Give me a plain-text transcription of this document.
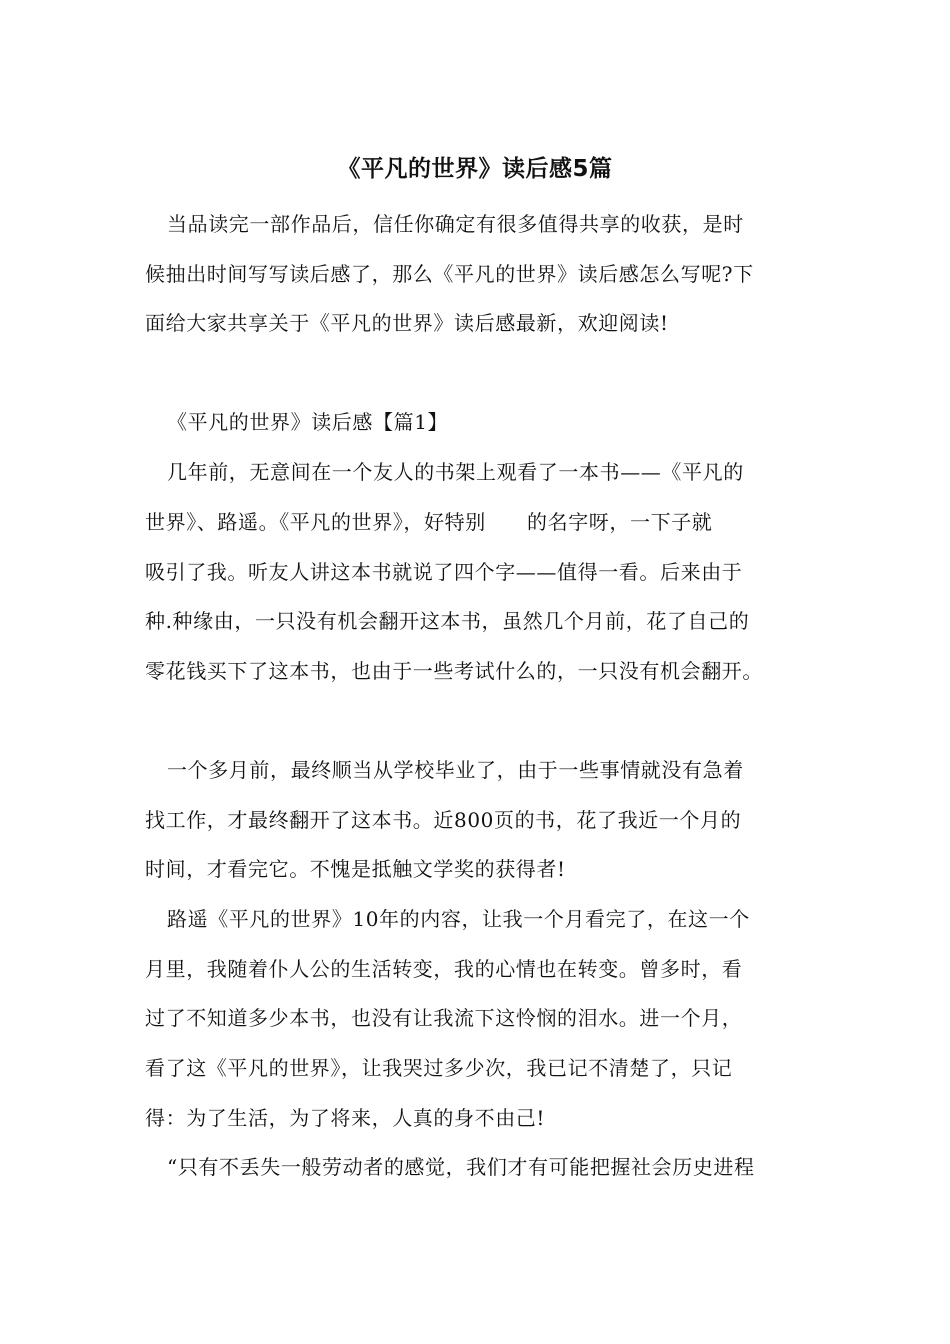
《平凡的世界》读后感5篇
当品读完一部作品后，信任你确定有很多值得共享的收获，是时
候抽出时间写写读后感了，那么《平凡的世界》读后感怎么写呢?下
面给大家共享关于《平凡的世界》读后感最新，欢迎阅读!
《平凡的世界》读后感【篇1】
几年前，无意间在一个友人的书架上观看了一本书——《平凡的
世界》、路遥。《平凡的世界》，好特别　　的名字呀，一下子就
吸引了我。听友人讲这本书就说了四个字——值得一看。后来由于
种.种缘由，一只没有机会翻开这本书，虽然几个月前，花了自己的
零花钱买下了这本书，也由于一些考试什么的，一只没有机会翻开。
一个多月前，最终顺当从学校毕业了，由于一些事情就没有急着
找工作，才最终翻开了这本书。近800页的书，花了我近一个月的
时间，才看完它。不愧是抵触文学奖的获得者!
路遥《平凡的世界》10年的内容，让我一个月看完了，在这一个
月里，我随着仆人公的生活转变，我的心情也在转变。曾多时，看
过了不知道多少本书，也没有让我流下这怜悯的泪水。进一个月，
看了这《平凡的世界》，让我哭过多少次，我已记不清楚了，只记
得：为了生活，为了将来，人真的身不由己!
“只有不丢失一般劳动者的感觉，我们才有可能把握社会历史进程
